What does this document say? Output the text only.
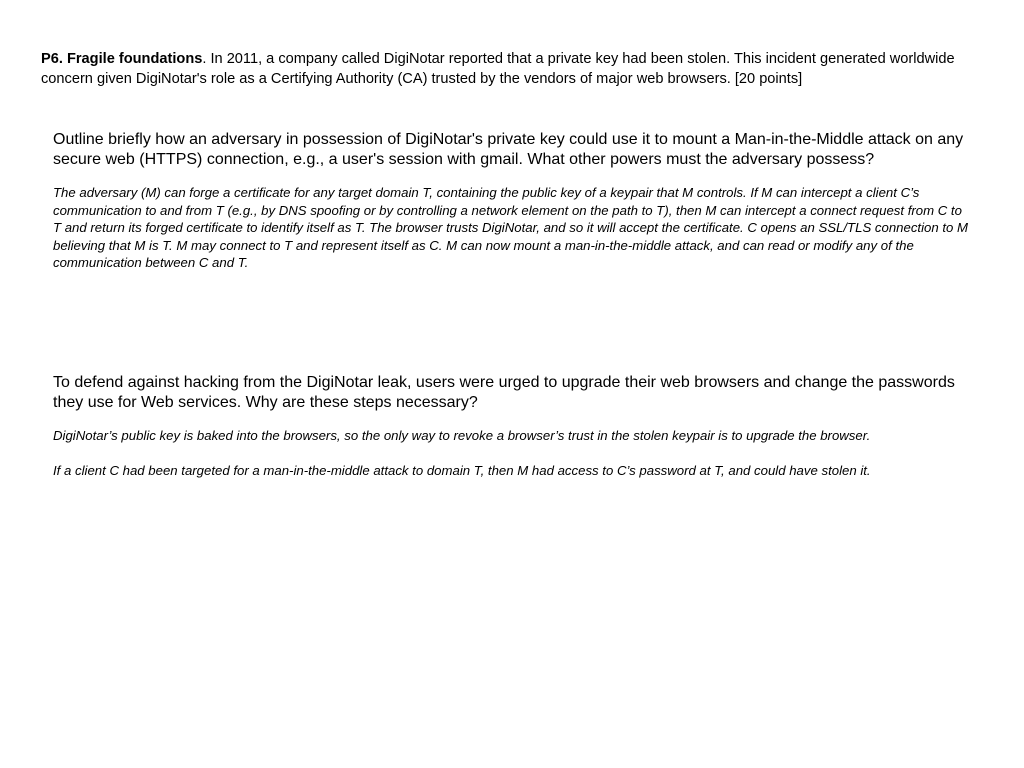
P6. Fragile foundations. In 2011, a company called DigiNotar reported that a private key had been stolen. This incident generated worldwide concern given DigiNotar's role as a Certifying Authority (CA) trusted by the vendors of major web browsers. [20 points]
Outline briefly how an adversary in possession of DigiNotar's private key could use it to mount a Man-in-the-Middle attack on any secure web (HTTPS) connection, e.g., a user's session with gmail. What other powers must the adversary possess?
The adversary (M) can forge a certificate for any target domain T, containing the public key of a keypair that M controls. If M can intercept a client C’s communication to and from T (e.g., by DNS spoofing or by controlling a network element on the path to T), then M can intercept a connect request from C to T and return its forged certificate to identify itself as T. The browser trusts DigiNotar, and so it will accept the certificate. C opens an SSL/TLS connection to M believing that M is T. M may connect to T and represent itself as C. M can now mount a man-in-the-middle attack, and can read or modify any of the communication between C and T.
To defend against hacking from the DigiNotar leak, users were urged to upgrade their web browsers and change the passwords they use for Web services. Why are these steps necessary?
DigiNotar’s public key is baked into the browsers, so the only way to revoke a browser’s trust in the stolen keypair is to upgrade the browser.
If a client C had been targeted for a man-in-the-middle attack to domain T, then M had access to C’s password at T, and could have stolen it.
